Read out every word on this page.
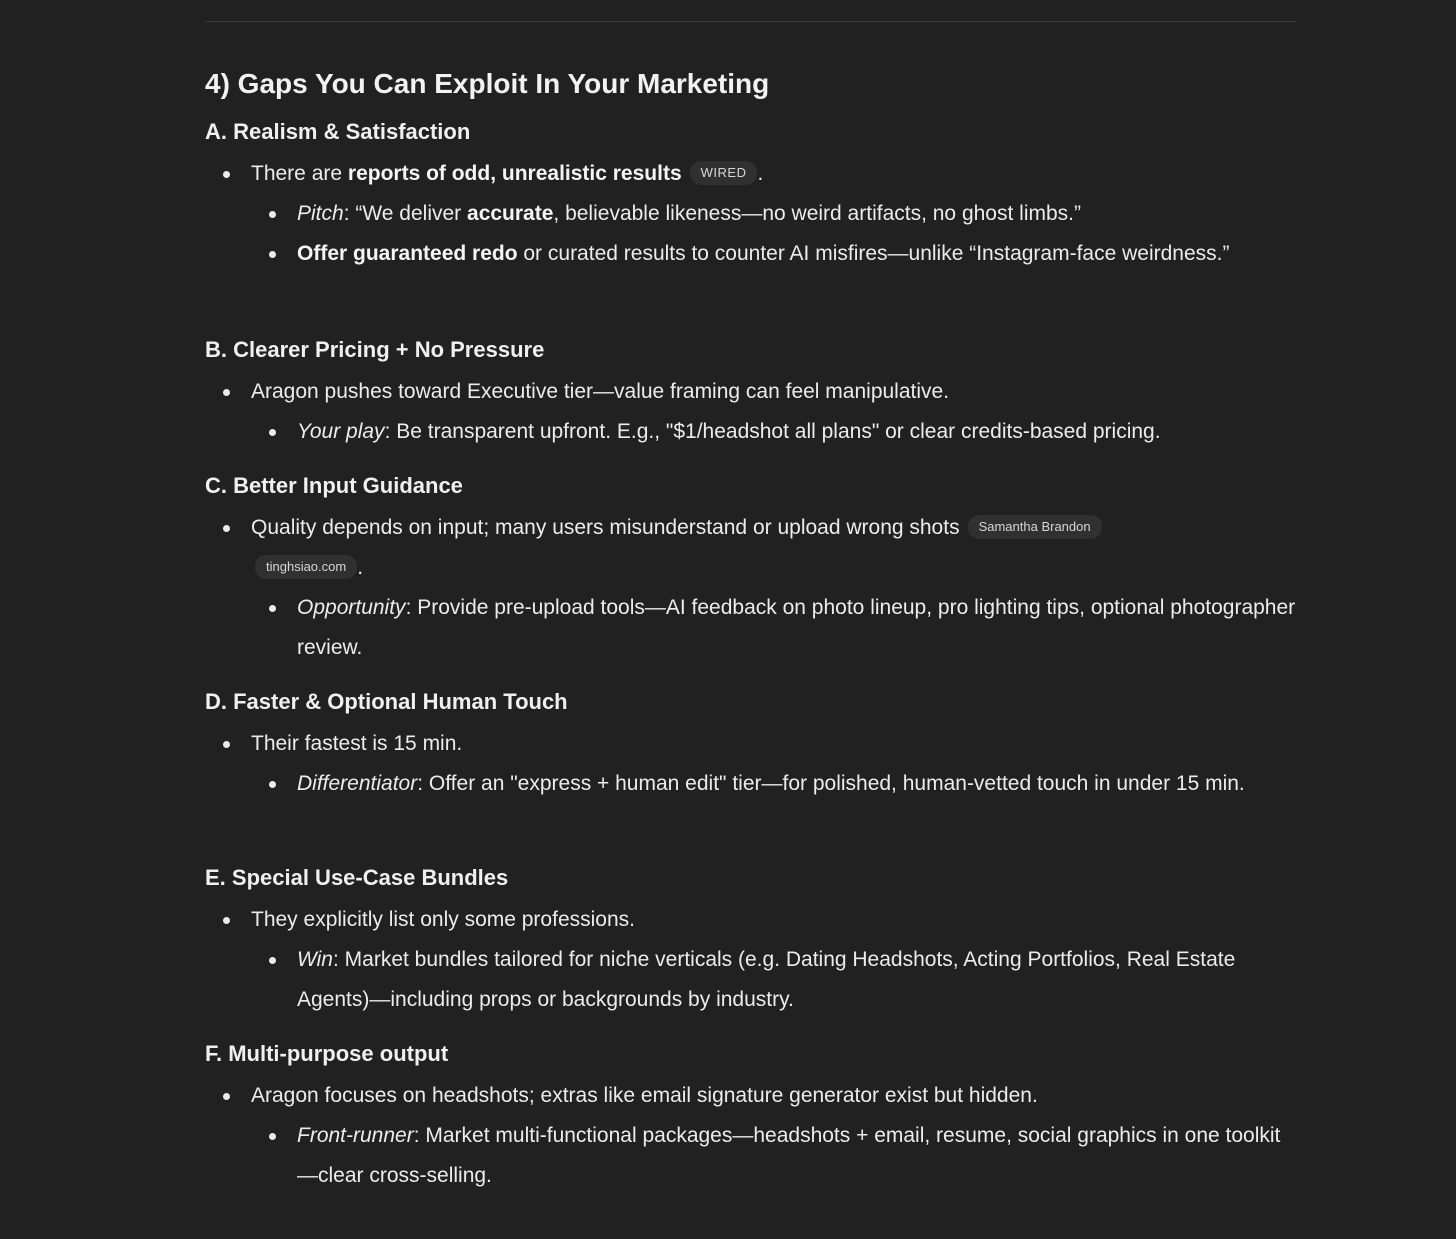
4) Gaps You Can Exploit In Your Marketing
A. Realism & Satisfaction
There are reports of odd, unrealistic results WIRED .
Pitch: “We deliver accurate, believable likeness—no weird artifacts, no ghost limbs.”
Offer guaranteed redo or curated results to counter AI misfires—unlike “Instagram-face weirdness.”
B. Clearer Pricing + No Pressure
Aragon pushes toward Executive tier—value framing can feel manipulative.
Your play: Be transparent upfront. E.g., "$1/headshot all plans" or clear credits-based pricing.
C. Better Input Guidance
Quality depends on input; many users misunderstand or upload wrong shots Samantha Brandon
tinghsiao.com .
Opportunity: Provide pre-upload tools—AI feedback on photo lineup, pro lighting tips, optional photographer review.
D. Faster & Optional Human Touch
Their fastest is 15 min.
Differentiator: Offer an "express + human edit" tier—for polished, human-vetted touch in under 15 min.
E. Special Use-Case Bundles
They explicitly list only some professions.
Win: Market bundles tailored for niche verticals (e.g. Dating Headshots, Acting Portfolios, Real Estate Agents)—including props or backgrounds by industry.
F. Multi-purpose output
Aragon focuses on headshots; extras like email signature generator exist but hidden.
Front-runner: Market multi-functional packages—headshots + email, resume, social graphics in one toolkit—clear cross-selling.
